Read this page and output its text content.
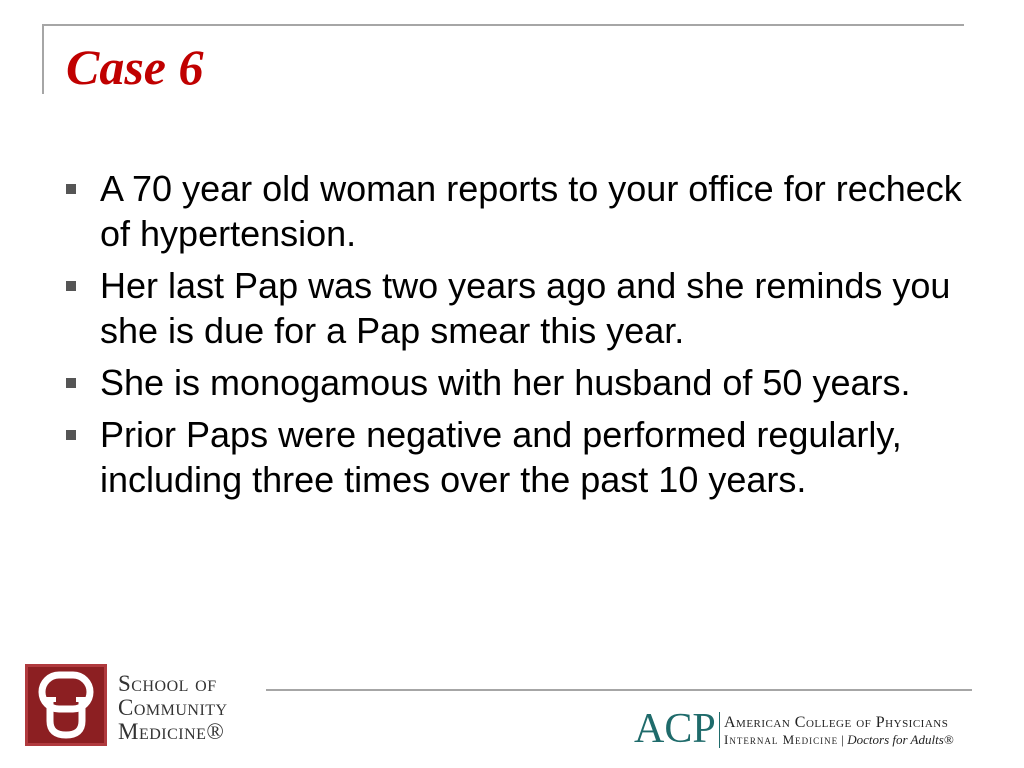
Case 6
A 70 year old woman reports to your office for recheck of hypertension.
Her last Pap was two years ago and she reminds you she is due for a Pap smear this year.
She is monogamous with her husband of 50 years.
Prior Paps were negative and performed regularly, including three times over the past 10 years.
School of
Community
Medicine®	ACP American College of Physicians
Internal Medicine | Doctors for Adults®
